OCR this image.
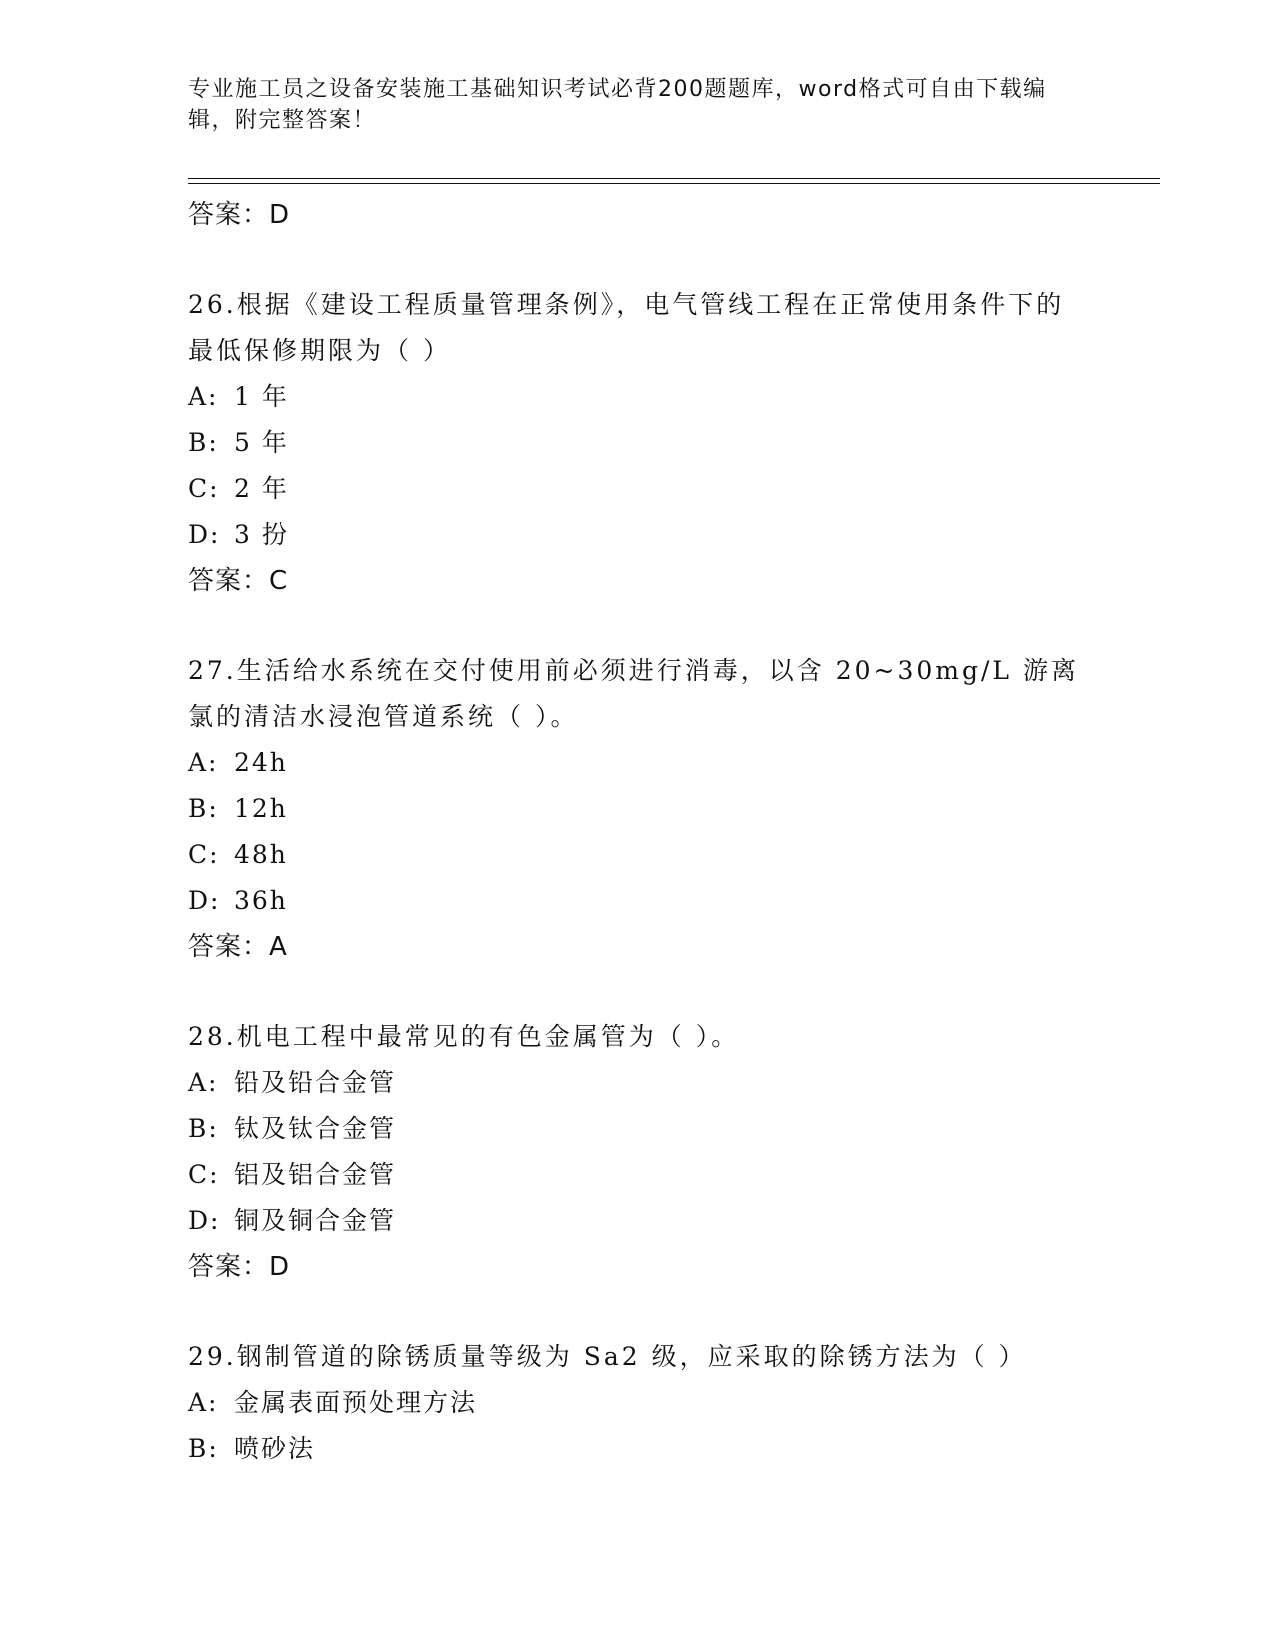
专业施工员之设备安装施工基础知识考试必背200题题库，word格式可自由下载编辑，附完整答案！
答案：D
26.根据《建设工程质量管理条例》，电气管线工程在正常使用条件下的最低保修期限为（ ）
A: 1 年
B: 5 年
C: 2 年
D: 3 扮
答案：C
27.生活给水系统在交付使用前必须进行消毒，以含 20~30mg/L 游离氯的清洁水浸泡管道系统（ ）。
A: 24h
B: 12h
C: 48h
D: 36h
答案：A
28.机电工程中最常见的有色金属管为（ ）。
A: 铅及铅合金管
B: 钛及钛合金管
C: 铝及铝合金管
D: 铜及铜合金管
答案：D
29.钢制管道的除锈质量等级为 Sa2 级，应采取的除锈方法为（ ）
A: 金属表面预处理方法
B: 喷砂法
